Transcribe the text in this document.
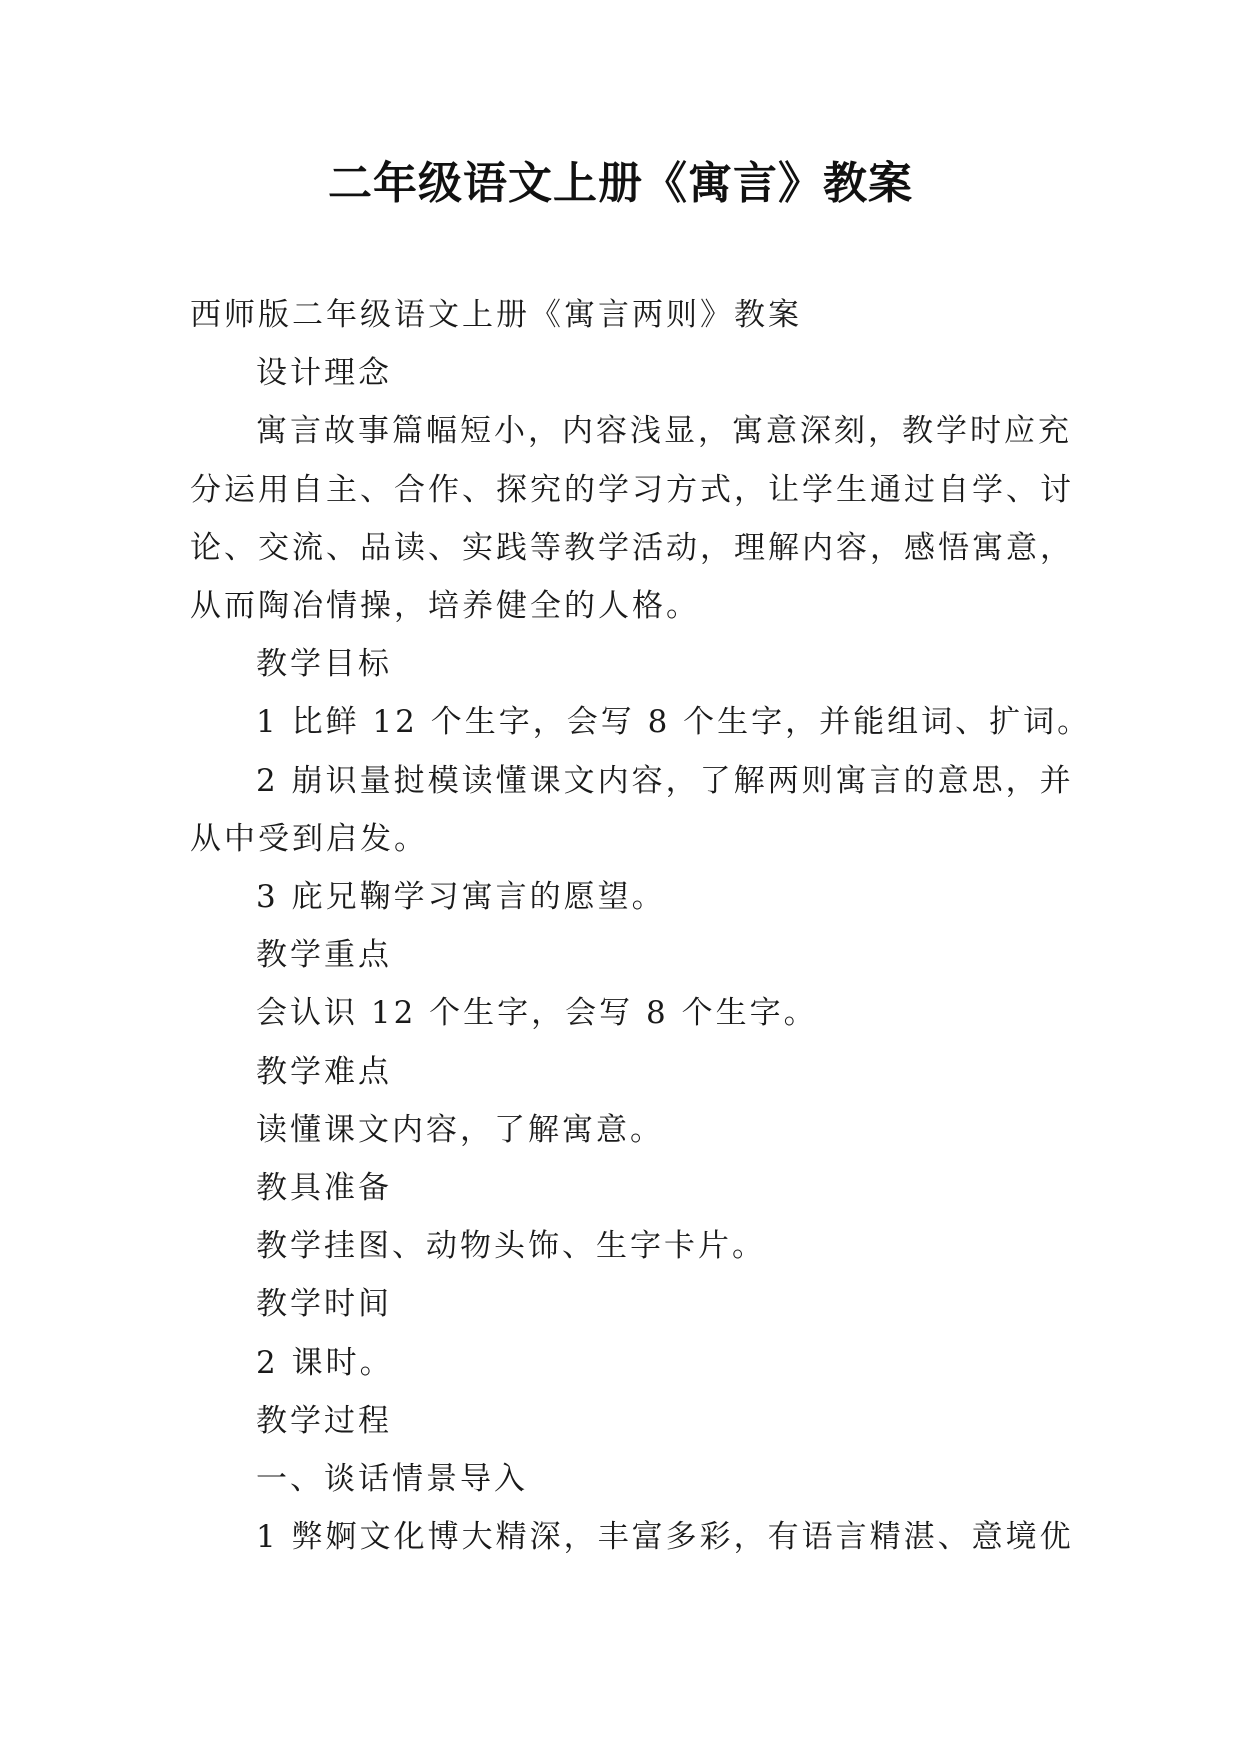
二年级语文上册《寓言》教案

西师版二年级语文上册《寓言两则》教案

设计理念

寓言故事篇幅短小，内容浅显，寓意深刻，教学时应充

分运用自主、合作、探究的学习方式，让学生通过自学、讨

论、交流、品读、实践等教学活动，理解内容，感悟寓意，

从而陶冶情操，培养健全的人格。

教学目标

1 比鲜 12 个生字，会写 8 个生字，并能组词、扩词。

2 崩识量挝模读懂课文内容，了解两则寓言的意思，并

从中受到启发。

3 庇兄鞠学习寓言的愿望。

教学重点

会认识 12 个生字，会写 8 个生字。

教学难点

读懂课文内容，了解寓意。

教具准备

教学挂图、动物头饰、生字卡片。

教学时间

2 课时。

教学过程

一、谈话情景导入

1 弊婀文化博大精深，丰富多彩，有语言精湛、意境优
